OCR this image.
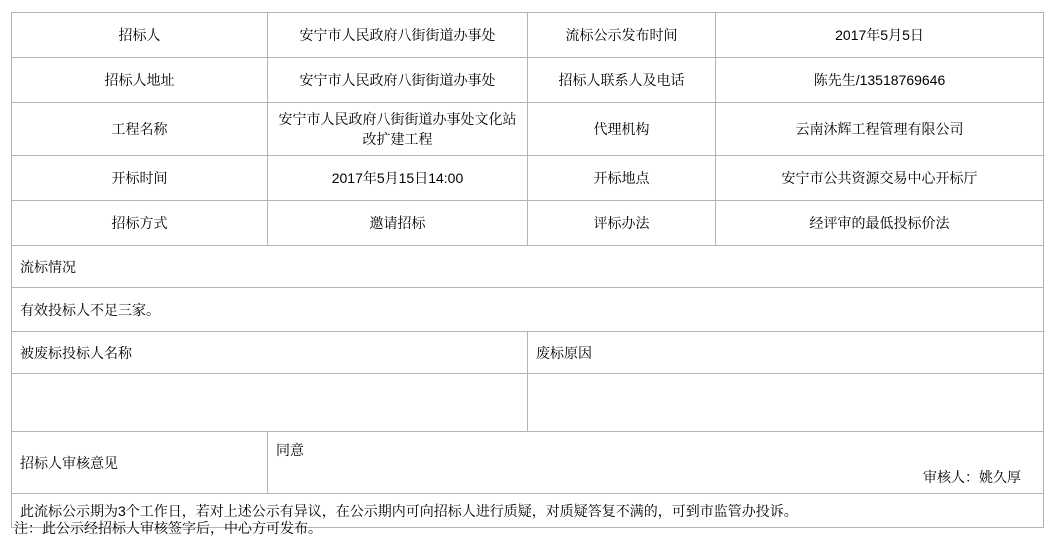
招标人	安宁市人民政府八街街道办事处	流标公示发布时间	2017年5月5日
招标人地址	安宁市人民政府八街街道办事处	招标人联系人及电话	陈先生/13518769646
工程名称	安宁市人民政府八街街道办事处文化站改扩建工程	代理机构	云南沐辉工程管理有限公司
开标时间	2017年5月15日14:00	开标地点	安宁市公共资源交易中心开标厅
招标方式	邀请招标	评标办法	经评审的最低投标价法
流标情况			
有效投标人不足三家。			
被废标投标人名称		废标原因	

招标人审核意见	同意
审核人：姚久厚		

此流标公示期为3个工作日，若对上述公示有异议，在公示期内可向招标人进行质疑，对质疑答复不满的，可到市监管办投诉。			
注：此公示经招标人审核签字后，中心方可发布。
